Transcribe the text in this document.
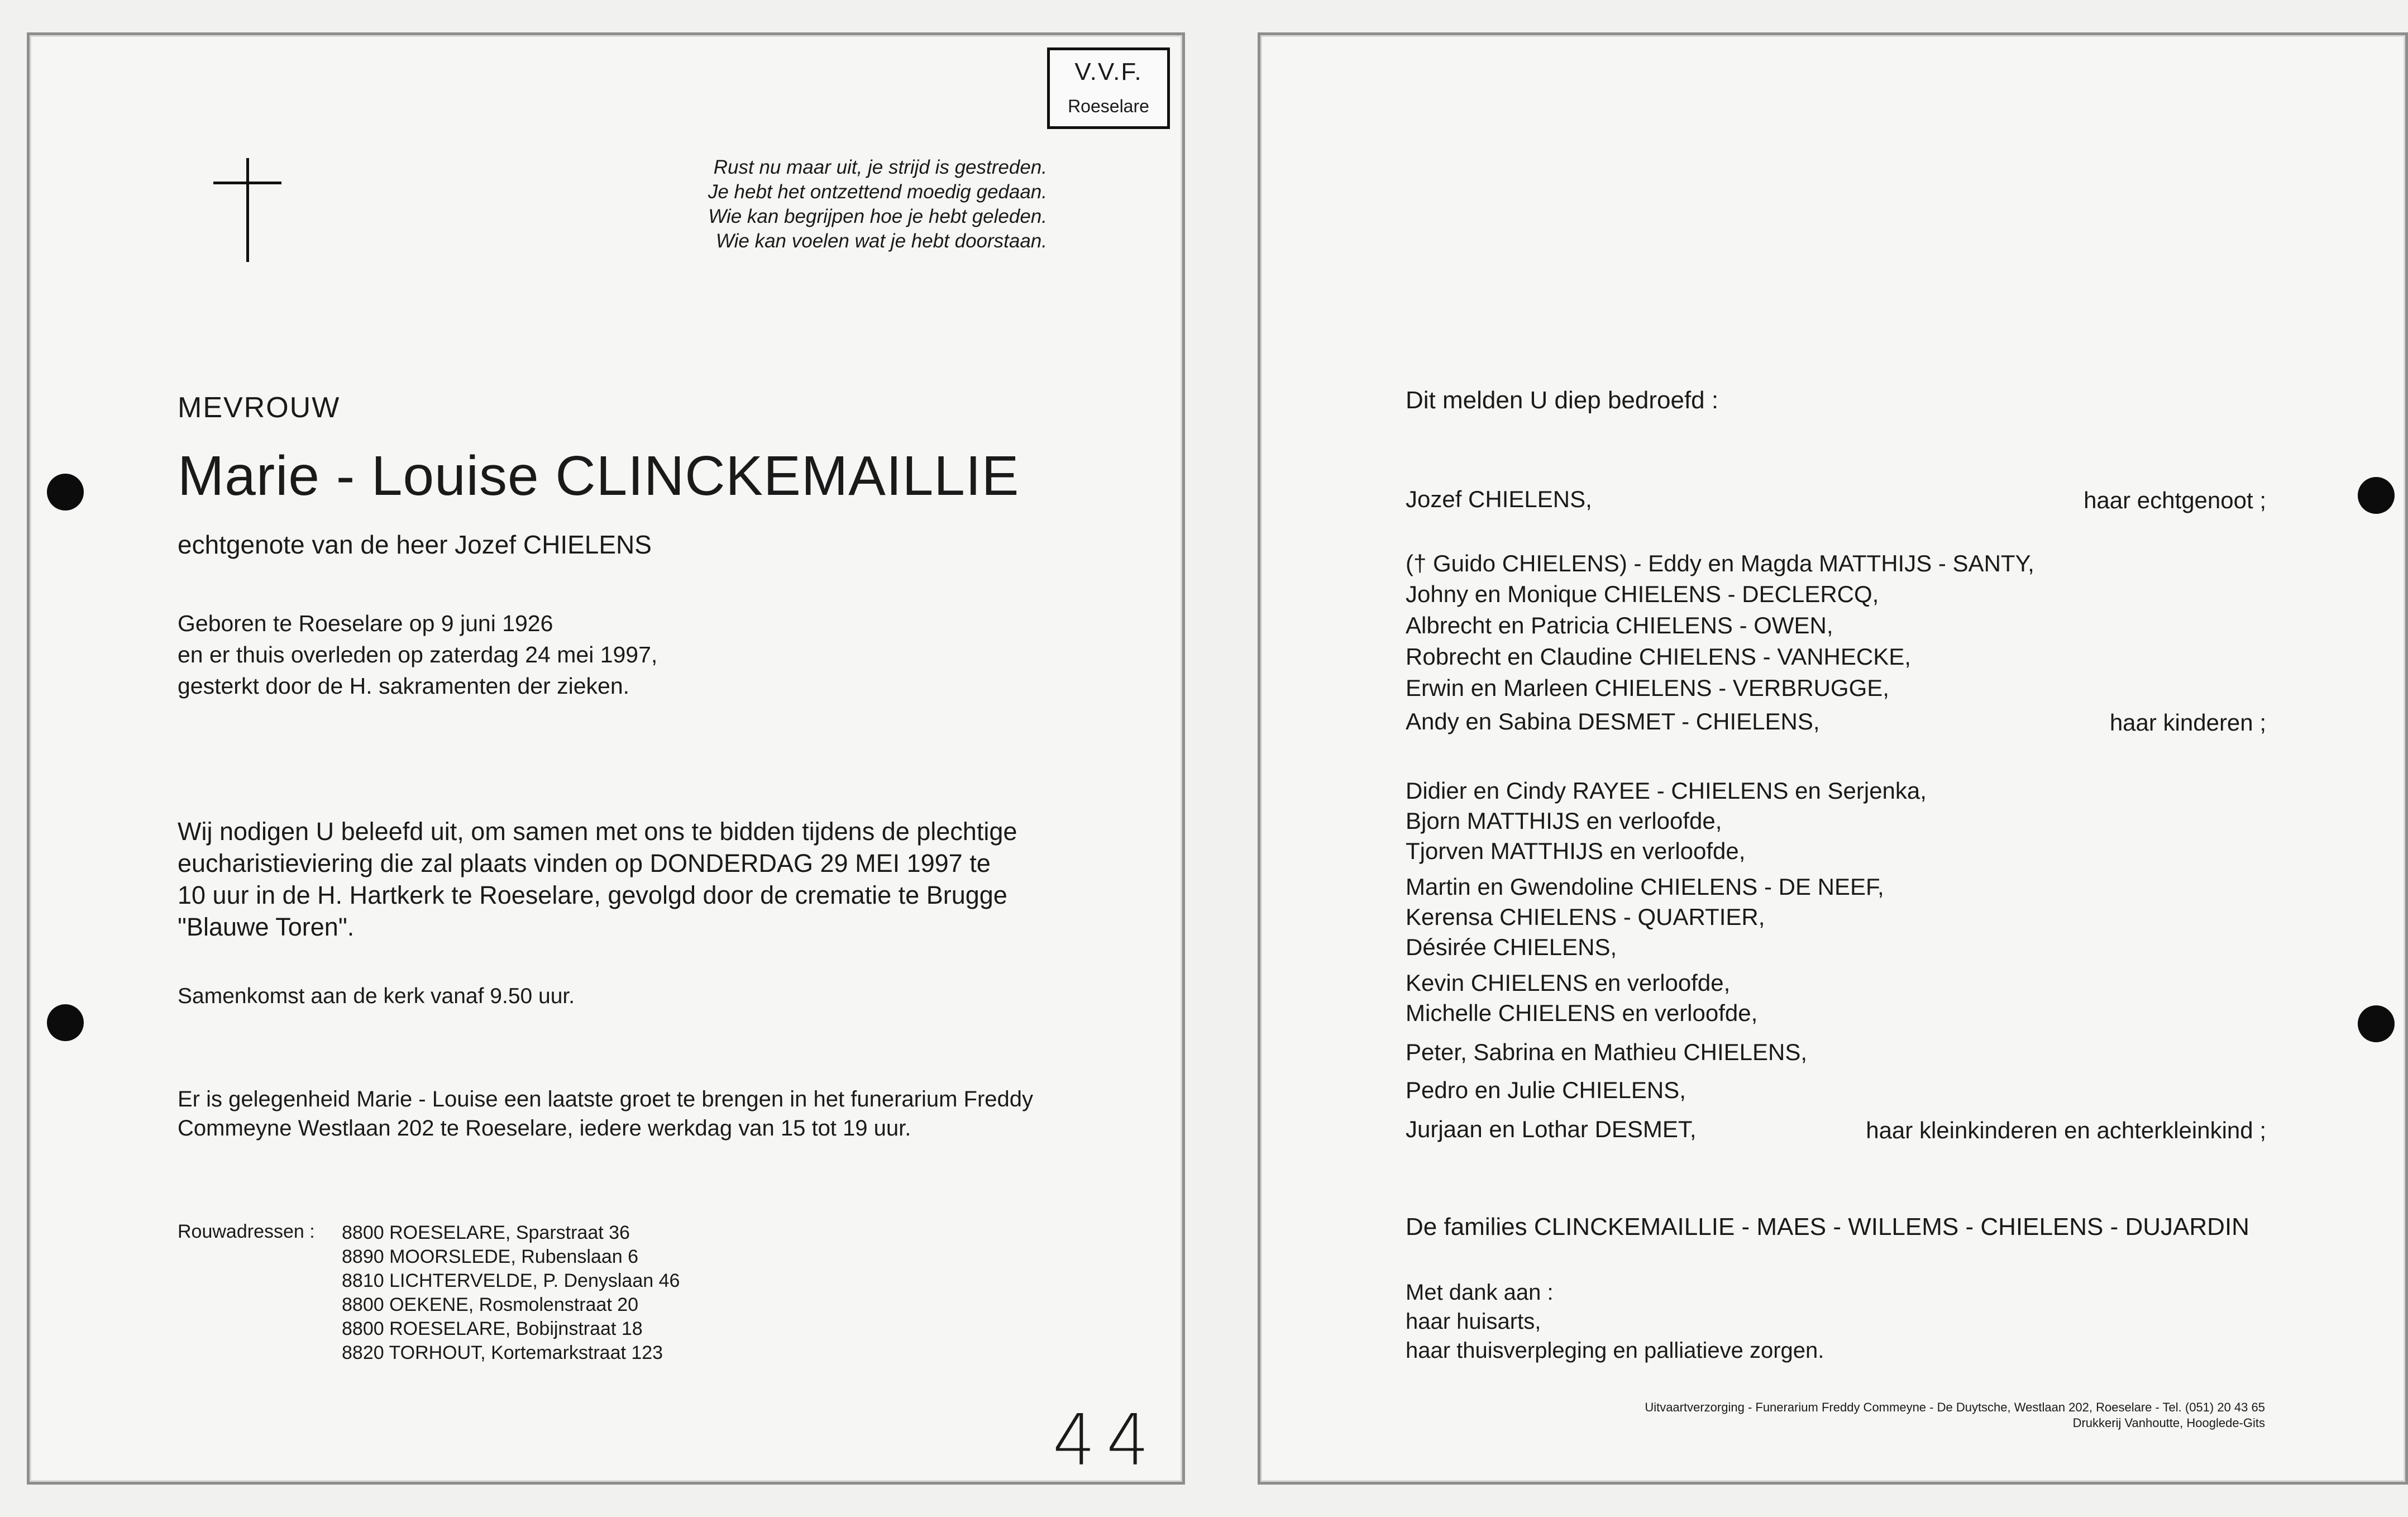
V.V.F.
Roeselare
Rust nu maar uit, je strijd is gestreden.
Je hebt het ontzettend moedig gedaan.
Wie kan begrijpen hoe je hebt geleden.
Wie kan voelen wat je hebt doorstaan.
MEVROUW
Marie - Louise CLINCKEMAILLIE
echtgenote van de heer Jozef CHIELENS
Geboren te Roeselare op 9 juni 1926
en er thuis overleden op zaterdag 24 mei 1997,
gesterkt door de H. sakramenten der zieken.
Wij nodigen U beleefd uit, om samen met ons te bidden tijdens de plechtige
eucharistieviering die zal plaats vinden op DONDERDAG 29 MEI 1997 te
10 uur in de H. Hartkerk te Roeselare, gevolgd door de crematie te Brugge
"Blauwe Toren".
Samenkomst aan de kerk vanaf 9.50 uur.
Er is gelegenheid Marie - Louise een laatste groet te brengen in het funerarium Freddy
Commeyne Westlaan 202 te Roeselare, iedere werkdag van 15 tot 19 uur.
Rouwadressen : 8800 ROESELARE, Sparstraat 36
8890 MOORSLEDE, Rubenslaan 6
8810 LICHTERVELDE, P. Denyslaan 46
8800 OEKENE, Rosmolenstraat 20
8800 ROESELARE, Bobijnstraat 18
8820 TORHOUT, Kortemarkstraat 123
44
Dit melden U diep bedroefd :
Jozef CHIELENS,	haar echtgenoot ;
(† Guido CHIELENS) - Eddy en Magda MATTHIJS - SANTY,
Johny en Monique CHIELENS - DECLERCQ,
Albrecht en Patricia CHIELENS - OWEN,
Robrecht en Claudine CHIELENS - VANHECKE,
Erwin en Marleen CHIELENS - VERBRUGGE,
Andy en Sabina DESMET - CHIELENS,	haar kinderen ;
Didier en Cindy RAYEE - CHIELENS en Serjenka,
Bjorn MATTHIJS en verloofde,
Tjorven MATTHIJS en verloofde,
Martin en Gwendoline CHIELENS - DE NEEF,
Kerensa CHIELENS - QUARTIER,
Désirée CHIELENS,
Kevin CHIELENS en verloofde,
Michelle CHIELENS en verloofde,
Peter, Sabrina en Mathieu CHIELENS,
Pedro en Julie CHIELENS,
Jurjaan en Lothar DESMET,	haar kleinkinderen en achterkleinkind ;
De families CLINCKEMAILLIE - MAES - WILLEMS - CHIELENS - DUJARDIN
Met dank aan :
haar huisarts,
haar thuisverpleging en palliatieve zorgen.
Uitvaartverzorging - Funerarium Freddy Commeyne - De Duytsche, Westlaan 202, Roeselare - Tel. (051) 20 43 65
Drukkerij Vanhoutte, Hooglede-Gits
